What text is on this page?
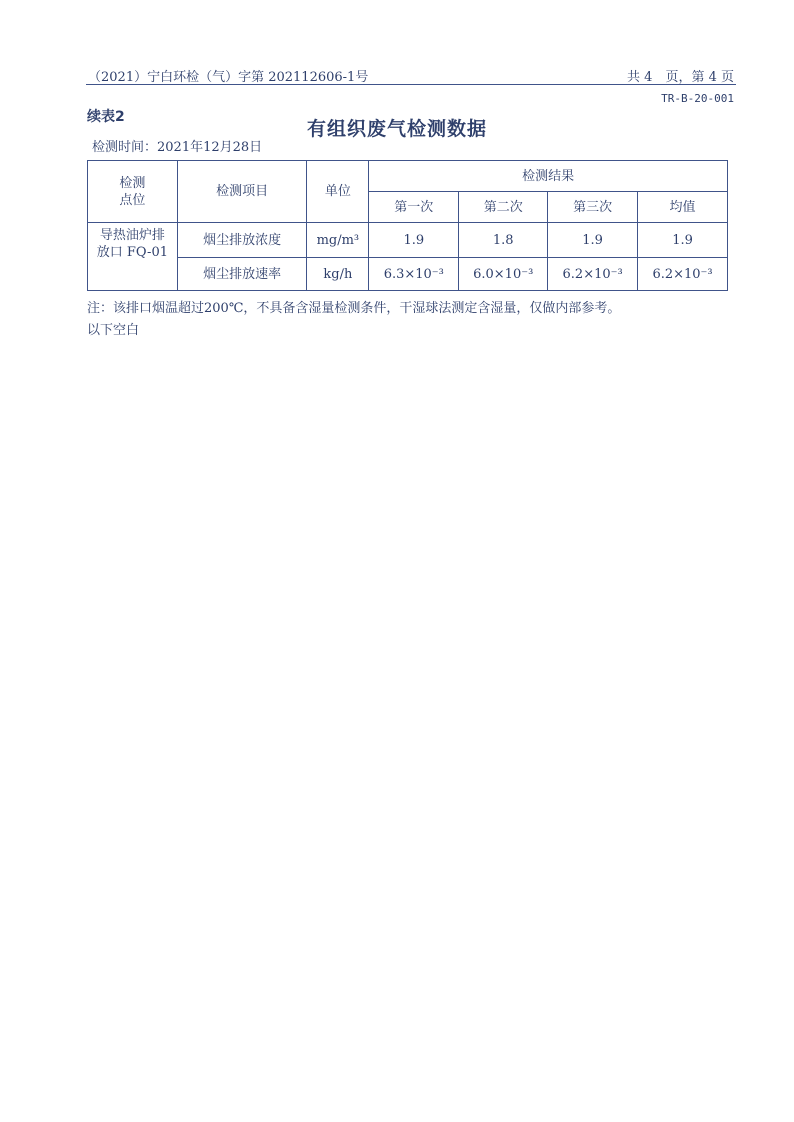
（2021）宁白环检（气）字第 202112606-1号	共 4　页，第 4 页
TR-B-20-001
续表2
有组织废气检测数据
检测时间：2021年12月28日
检测
点位	检测项目	单位	检测结果			
			第一次	第二次	第三次	均值
导热油炉排
放口 FQ-01	烟尘排放浓度	mg/m³	1.9	1.8	1.9	1.9
	烟尘排放速率	kg/h	6.3×10⁻³	6.0×10⁻³	6.2×10⁻³	6.2×10⁻³
注：该排口烟温超过200℃，不具备含湿量检测条件，干湿球法测定含湿量，仅做内部参考。
以下空白
